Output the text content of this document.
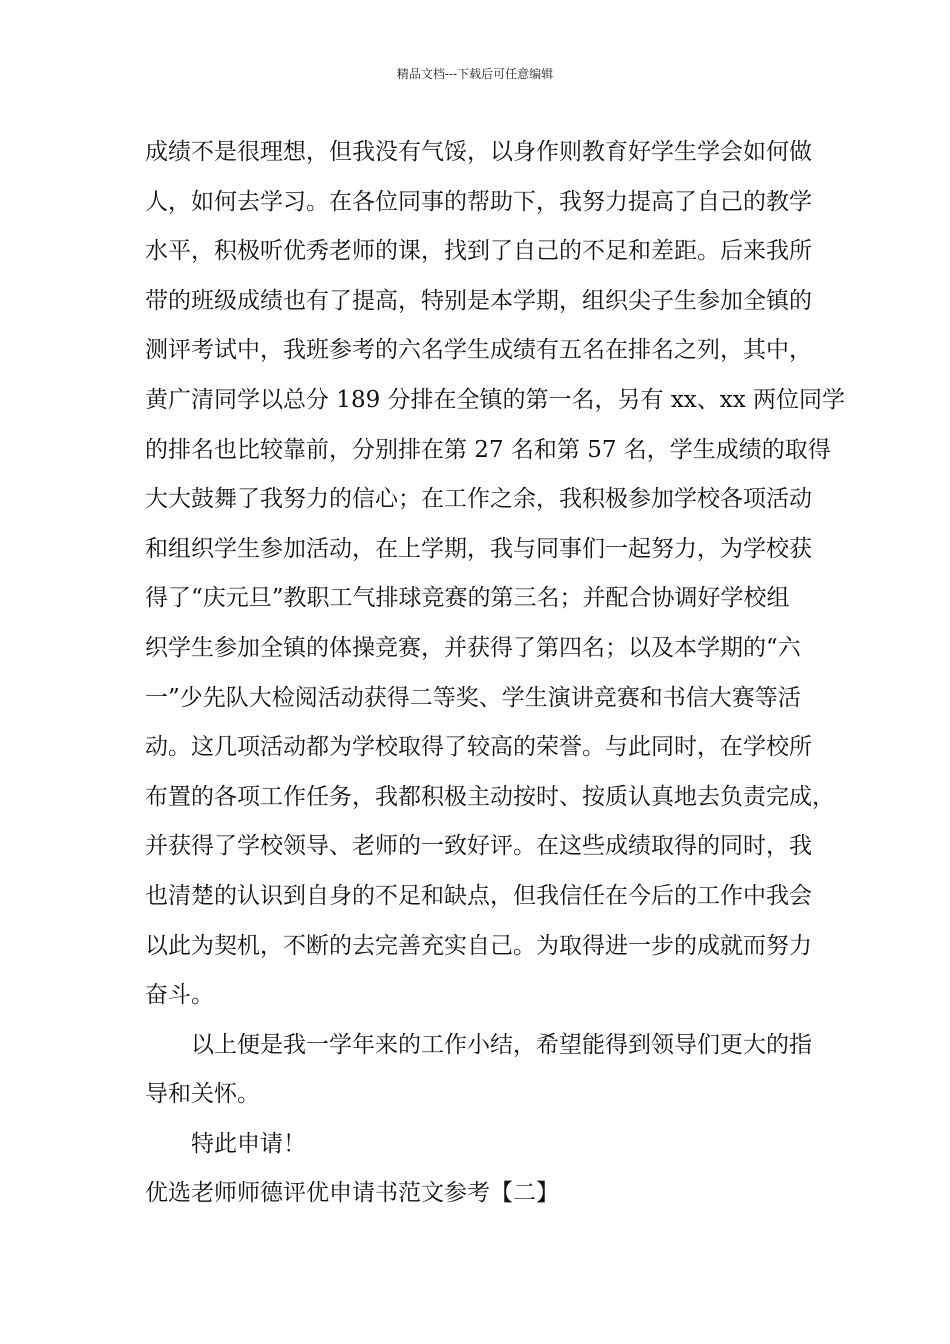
精品文档---下载后可任意编辑
成绩不是很理想，但我没有气馁，以身作则教育好学生学会如何做
人，如何去学习。在各位同事的帮助下，我努力提高了自己的教学
水平，积极听优秀老师的课，找到了自己的不足和差距。后来我所
带的班级成绩也有了提高，特别是本学期，组织尖子生参加全镇的
测评考试中，我班参考的六名学生成绩有五名在排名之列，其中，
黄广清同学以总分 189 分排在全镇的第一名，另有 xx、xx 两位同学
的排名也比较靠前，分别排在第 27 名和第 57 名，学生成绩的取得
大大鼓舞了我努力的信心；在工作之余，我积极参加学校各项活动
和组织学生参加活动，在上学期，我与同事们一起努力，为学校获
得了“庆元旦”教职工气排球竞赛的第三名；并配合协调好学校组
织学生参加全镇的体操竞赛，并获得了第四名；以及本学期的“六
一”少先队大检阅活动获得二等奖、学生演讲竞赛和书信大赛等活
动。这几项活动都为学校取得了较高的荣誉。与此同时，在学校所
布置的各项工作任务，我都积极主动按时、按质认真地去负责完成，
并获得了学校领导、老师的一致好评。在这些成绩取得的同时，我
也清楚的认识到自身的不足和缺点，但我信任在今后的工作中我会
以此为契机，不断的去完善充实自己。为取得进一步的成就而努力
奋斗。
以上便是我一学年来的工作小结，希望能得到领导们更大的指
导和关怀。
特此申请！
优选老师师德评优申请书范文参考【二】
